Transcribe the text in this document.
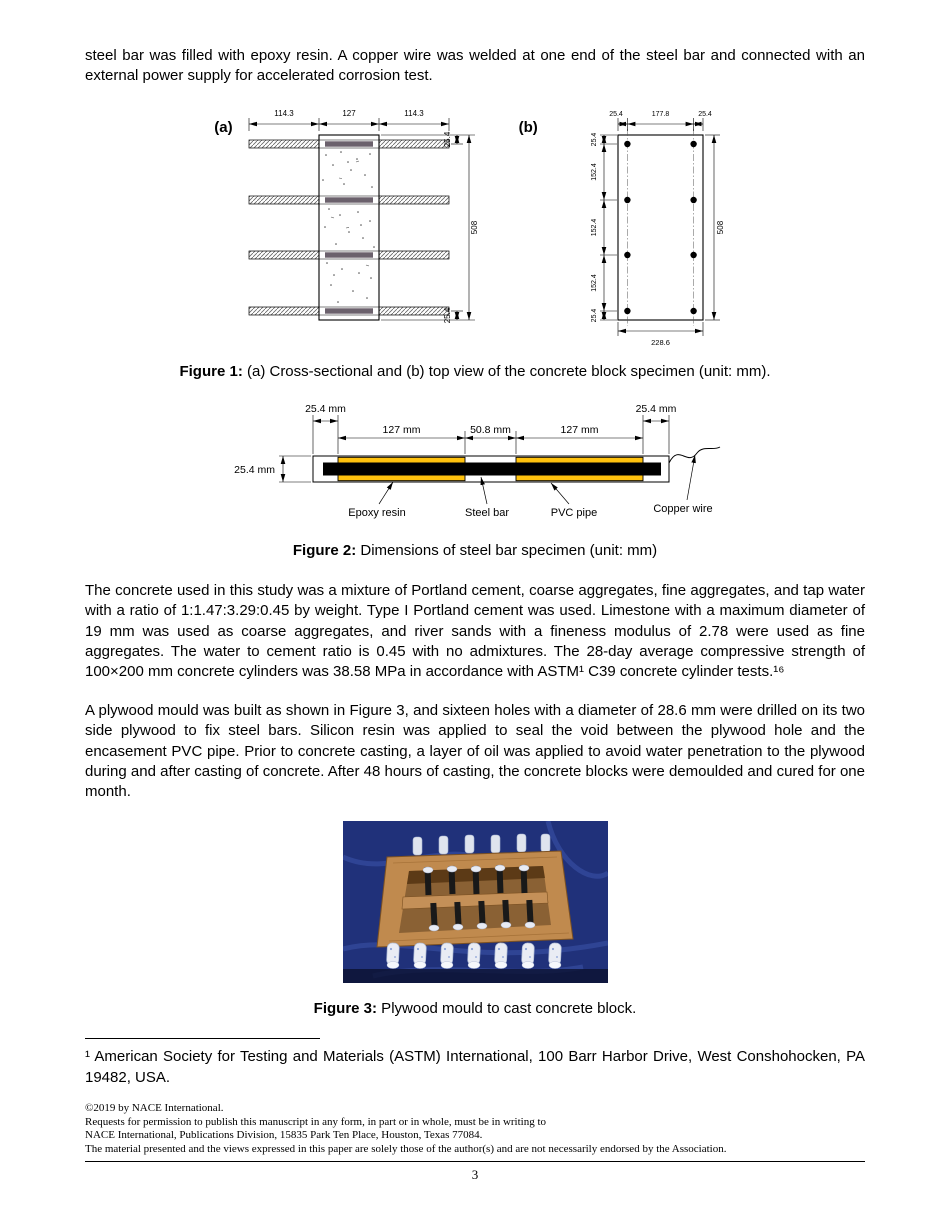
steel bar was filled with epoxy resin. A copper wire was welded at one end of the steel bar and connected with an external power supply for accelerated corrosion test.

(a)
114.3	127	114.3
25.4
508
25.4
(b)
25.4	177.8	25.4
25.4
152.4
152.4
152.4
25.4
508
228.6

Figure 1: (a) Cross-sectional and (b) top view of the concrete block specimen (unit: mm).

25.4 mm
127 mm	50.8 mm	127 mm
25.4 mm
25.4 mm
Epoxy resin	Steel bar	PVC pipe	Copper wire

Figure 2: Dimensions of steel bar specimen (unit: mm)

The concrete used in this study was a mixture of Portland cement, coarse aggregates, fine aggregates, and tap water with a ratio of 1:1.47:3.29:0.45 by weight. Type I Portland cement was used. Limestone with a maximum diameter of 19 mm was used as coarse aggregates, and river sands with a fineness modulus of 2.78 were used as fine aggregates. The water to cement ratio is 0.45 with no admixtures. The 28-day average compressive strength of 100×200 mm concrete cylinders was 38.58 MPa in accordance with ASTM¹ C39 concrete cylinder tests.¹⁶

A plywood mould was built as shown in Figure 3, and sixteen holes with a diameter of 28.6 mm were drilled on its two side plywood to fix steel bars. Silicon resin was applied to seal the void between the plywood hole and the encasement PVC pipe. Prior to concrete casting, a layer of oil was applied to avoid water penetration to the plywood during and after casting of concrete. After 48 hours of casting, the concrete blocks were demoulded and cured for one month.

Figure 3: Plywood mould to cast concrete block.

¹ American Society for Testing and Materials (ASTM) International, 100 Barr Harbor Drive, West Conshohocken, PA 19482, USA.

©2019 by NACE International.
Requests for permission to publish this manuscript in any form, in part or in whole, must be in writing to
NACE International, Publications Division, 15835 Park Ten Place, Houston, Texas 77084.
The material presented and the views expressed in this paper are solely those of the author(s) and are not necessarily endorsed by the Association.
3
